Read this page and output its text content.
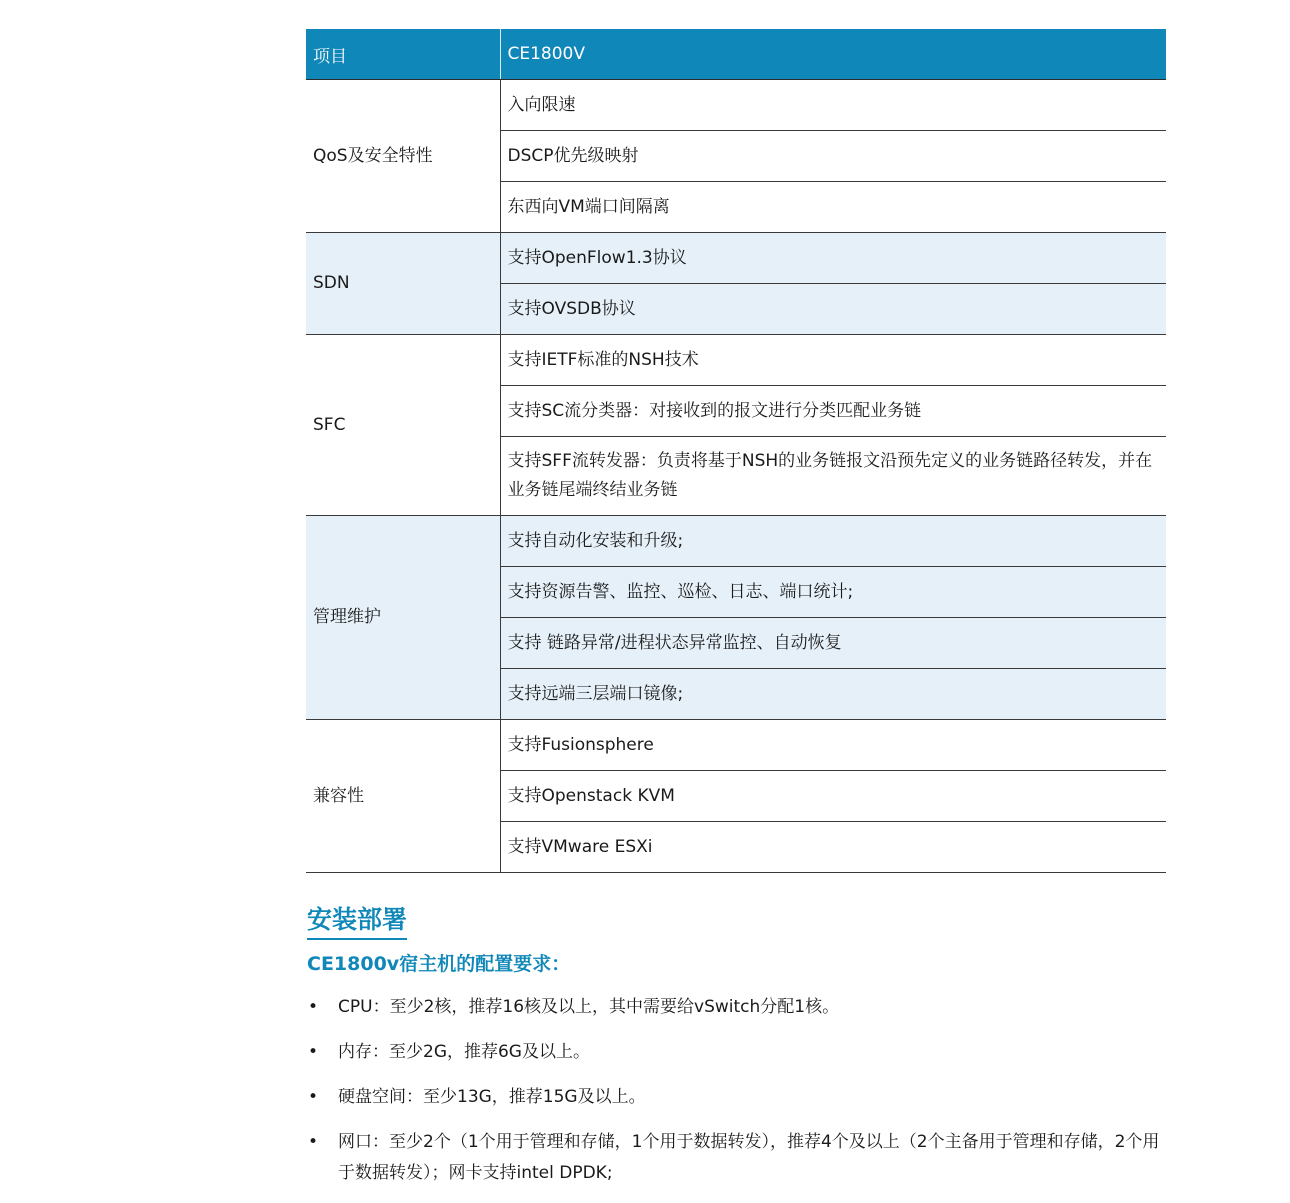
项目	CE1800V
QoS及安全特性	入向限速
	DSCP优先级映射
	东西向VM端口间隔离
SDN	支持OpenFlow1.3协议
	支持OVSDB协议
SFC	支持IETF标准的NSH技术
	支持SC流分类器：对接收到的报文进行分类匹配业务链
	支持SFF流转发器：负责将基于NSH的业务链报文沿预先定义的业务链路径转发，并在业务链尾端终结业务链
管理维护	支持自动化安装和升级;
	支持资源告警、监控、巡检、日志、端口统计;
	支持 链路异常/进程状态异常监控、自动恢复
	支持远端三层端口镜像;
兼容性	支持Fusionsphere
	支持Openstack KVM
	支持VMware ESXi
安装部署
CE1800v宿主机的配置要求：
• CPU：至少2核，推荐16核及以上，其中需要给vSwitch分配1核。
• 内存：至少2G，推荐6G及以上。
• 硬盘空间：至少13G，推荐15G及以上。
• 网口：至少2个（1个用于管理和存储，1个用于数据转发），推荐4个及以上（2个主备用于管理和存储，2个用于数据转发）；网卡支持intel DPDK;
